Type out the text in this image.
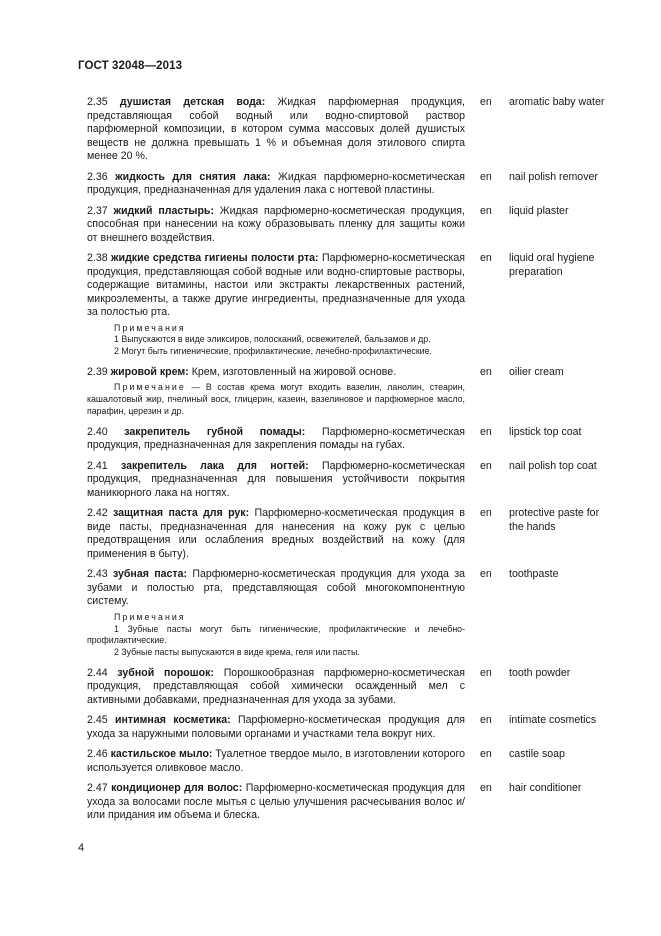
ГОСТ 32048—2013
2.35 душистая детская вода: Жидкая парфюмерная продукция, представляющая собой водный или водно-спиртовой раствор парфюмерной композиции, в котором сумма массовых долей душистых веществ не должна превышать 1 % и объемная доля этилового спирта менее 20 %.
en aromatic baby water
2.36 жидкость для снятия лака: Жидкая парфюмерно-косметическая продукция, предназначенная для удаления лака с ногтевой пластины.
en nail polish remover
2.37 жидкий пластырь: Жидкая парфюмерно-косметическая продукция, способная при нанесении на кожу образовывать пленку для защиты кожи от внешнего воздействия.
en liquid plaster
2.38 жидкие средства гигиены полости рта: Парфюмерно-косметическая продукция, представляющая собой водные или водно-спиртовые растворы, содержащие витамины, настои или экстракты лекарственных растений, микроэлементы, а также другие ингредиенты, предназначенные для ухода за полостью рта.
en liquid oral hygiene preparation
Примечания
1 Выпускаются в виде эликсиров, полосканий, освежителей, бальзамов и др.
2 Могут быть гигиенические, профилактические, лечебно-профилактические.
2.39 жировой крем: Крем, изготовленный на жировой основе.	en oilier cream
Примечание — В состав крема могут входить вазелин, ланолин, стеарин, кашалотовый жир, пчелиный воск, глицерин, казеин, вазелиновое и парфюмерное масло, парафин, церезин и др.
2.40 закрепитель губной помады: Парфюмерно-косметическая продукция, предназначенная для закрепления помады на губах.
en lipstick top coat
2.41 закрепитель лака для ногтей: Парфюмерно-косметическая продукция, предназначенная для повышения устойчивости покрытия маникюрного лака на ногтях.
en nail polish top coat
2.42 защитная паста для рук: Парфюмерно-косметическая продукция в виде пасты, предназначенная для нанесения на кожу рук с целью предотвращения или ослабления вредных воздействий на кожу (для применения в быту).
en protective paste for the hands
2.43 зубная паста: Парфюмерно-косметическая продукция для ухода за зубами и полостью рта, представляющая собой многокомпонентную систему.
en toothpaste
Примечания
1 Зубные пасты могут быть гигиенические, профилактические и лечебно-профилактические.
2 Зубные пасты выпускаются в виде крема, геля или пасты.
2.44 зубной порошок: Порошкообразная парфюмерно-косметическая продукция, представляющая собой химически осажденный мел с активными добавками, предназначенная для ухода за зубами.
en tooth powder
2.45 интимная косметика: Парфюмерно-косметическая продукция для ухода за наружными половыми органами и участками тела вокруг них.
en intimate cosmetics
2.46 кастильское мыло: Туалетное твердое мыло, в изготовлении которого используется оливковое масло.
en castile soap
2.47 кондиционер для волос: Парфюмерно-косметическая продукция для ухода за волосами после мытья с целью улучшения расчесывания волос и/или придания им объема и блеска.
en hair conditioner
4
